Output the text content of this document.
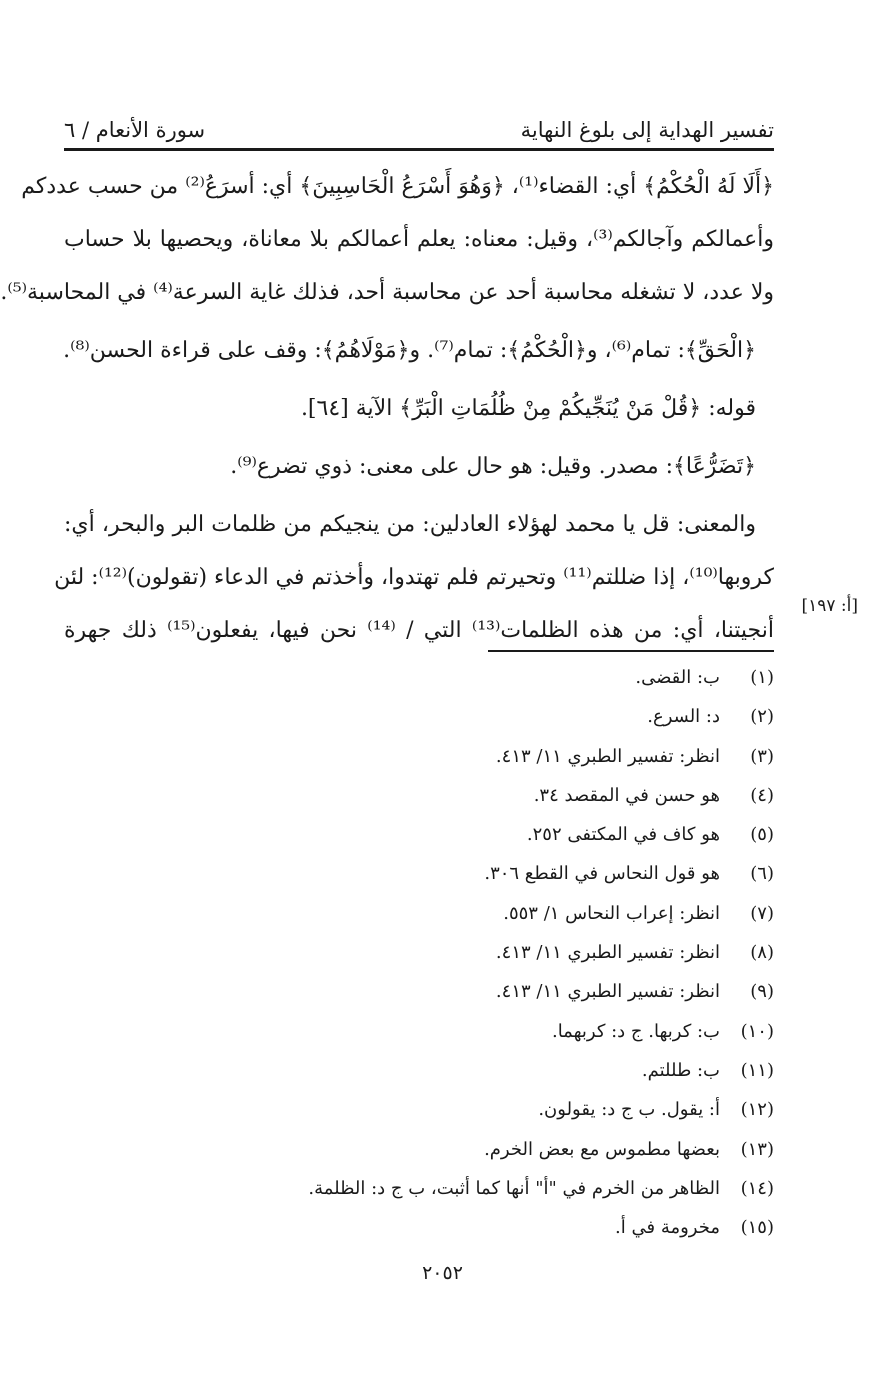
تفسير الهداية إلى بلوغ النهاية
سورة الأنعام / ٦
﴿أَلَا لَهُ الْحُكْمُ﴾ أي: القضاء⁽¹⁾، ﴿وَهُوَ أَسْرَعُ الْحَاسِبِينَ﴾ أي: أسرَعُ⁽²⁾ من حسب عددكم
وأعمالكم وآجالكم⁽³⁾، وقيل: معناه: يعلم أعمالكم بلا معاناة، ويحصيها بلا حساب
ولا عدد، لا تشغله محاسبة أحد عن محاسبة أحد، فذلك غاية السرعة⁽⁴⁾ في المحاسبة⁽⁵⁾.
﴿الْحَقِّ﴾: تمام⁽⁶⁾، و﴿الْحُكْمُ﴾: تمام⁽⁷⁾. و﴿مَوْلَاهُمُ﴾: وقف على قراءة الحسن⁽⁸⁾.
قوله: ﴿قُلْ مَنْ يُنَجِّيكُمْ مِنْ ظُلُمَاتِ الْبَرِّ﴾ الآية [٦٤].
﴿تَضَرُّعًا﴾: مصدر. وقيل: هو حال على معنى: ذوي تضرع⁽⁹⁾.
والمعنى: قل يا محمد لهؤلاء العادلين: من ينجيكم من ظلمات البر والبحر، أي:
كروبها⁽¹⁰⁾، إذا ضللتم⁽¹¹⁾ وتحيرتم فلم تهتدوا، وأخذتم في الدعاء (تقولون)⁽¹²⁾: لئن
أنجيتنا، أي: من هذه الظلمات⁽¹³⁾ التي / ⁽¹⁴⁾ نحن فيها، يفعلون⁽¹⁵⁾ ذلك جهرة
[أ: ١٩٧]
(١)ب: القضى.
(٢)د: السرع.
(٣)انظر: تفسير الطبري ١١/ ٤١٣.
(٤)هو حسن في المقصد ٣٤.
(٥)هو كاف في المكتفى ٢٥٢.
(٦)هو قول النحاس في القطع ٣٠٦.
(٧)انظر: إعراب النحاس ١/ ٥٥٣.
(٨)انظر: تفسير الطبري ١١/ ٤١٣.
(٩)انظر: تفسير الطبري ١١/ ٤١٣.
(١٠)ب: كربها. ج د: كربهما.
(١١)ب: طللتم.
(١٢)أ: يقول. ب ج د: يقولون.
(١٣)بعضها مطموس مع بعض الخرم.
(١٤)الظاهر من الخرم في "أ" أنها كما أثبت، ب ج د: الظلمة.
(١٥)مخرومة في أ.
٢٠٥٢
